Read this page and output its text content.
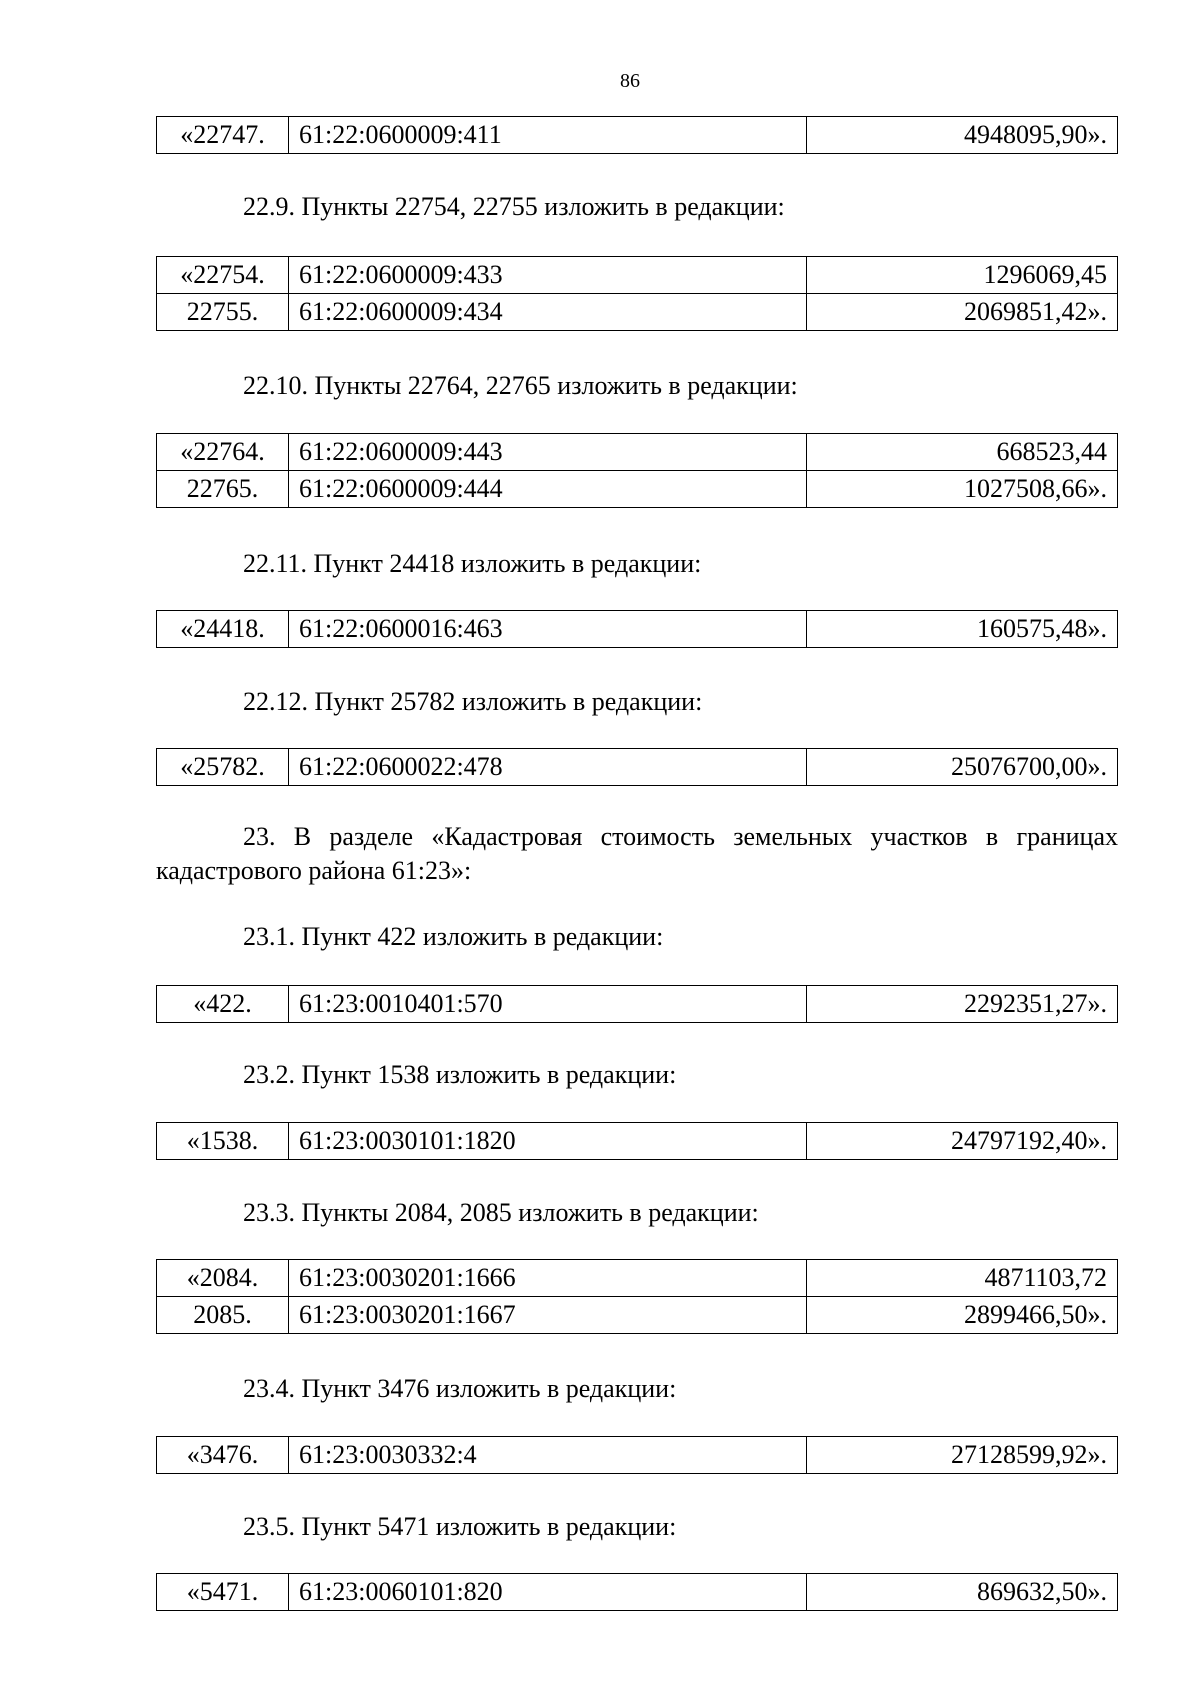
86
«22747.	61:22:0600009:411	4948095,90».
22.9. Пункты 22754, 22755 изложить в редакции:
«22754.	61:22:0600009:433	1296069,45
22755.	61:22:0600009:434	2069851,42».
22.10. Пункты 22764, 22765 изложить в редакции:
«22764.	61:22:0600009:443	668523,44
22765.	61:22:0600009:444	1027508,66».
22.11. Пункт 24418 изложить в редакции:
«24418.	61:22:0600016:463	160575,48».
22.12. Пункт 25782 изложить в редакции:
«25782.	61:22:0600022:478	25076700,00».
23. В разделе «Кадастровая стоимость земельных участков в границах кадастрового района 61:23»:
23.1. Пункт 422 изложить в редакции:
«422.	61:23:0010401:570	2292351,27».
23.2. Пункт 1538 изложить в редакции:
«1538.	61:23:0030101:1820	24797192,40».
23.3. Пункты 2084, 2085 изложить в редакции:
«2084.	61:23:0030201:1666	4871103,72
2085.	61:23:0030201:1667	2899466,50».
23.4. Пункт 3476 изложить в редакции:
«3476.	61:23:0030332:4	27128599,92».
23.5. Пункт 5471 изложить в редакции:
«5471.	61:23:0060101:820	869632,50».
